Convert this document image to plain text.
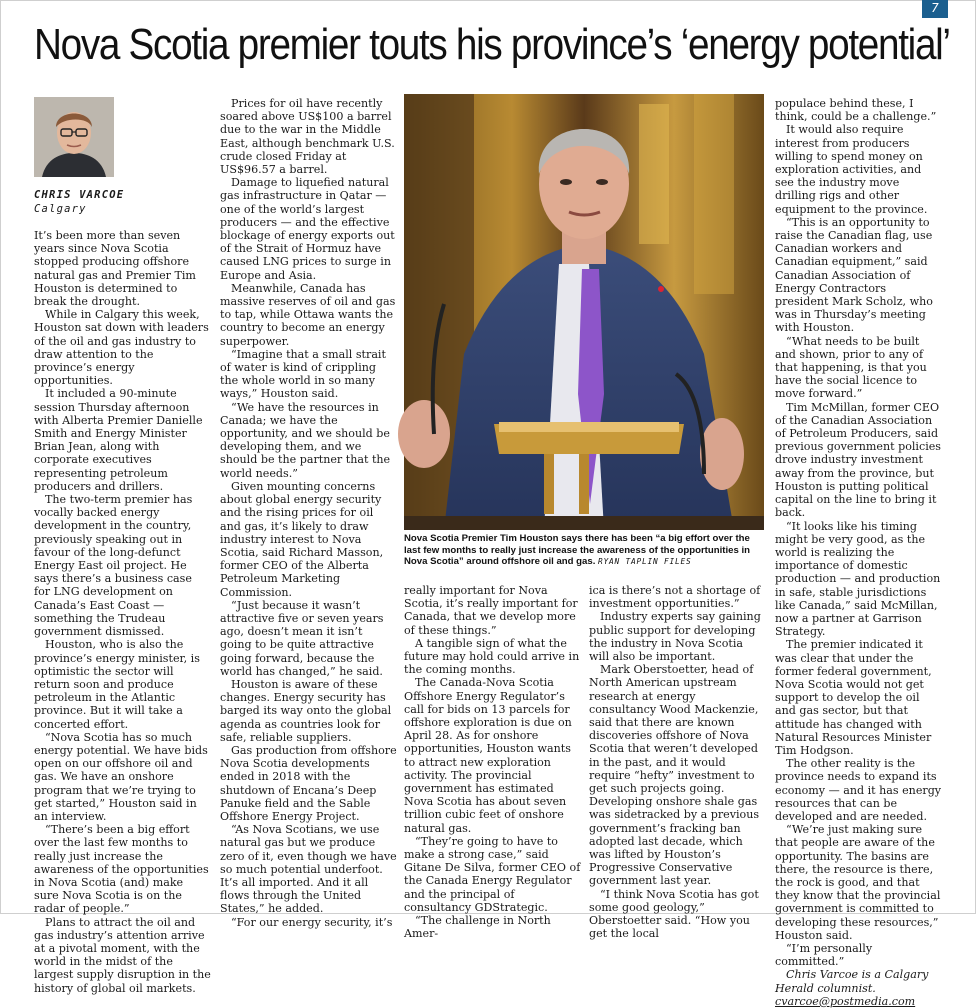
7
Nova Scotia premier touts his province’s ‘energy potential’
CHRIS VARCOE
Calgary

It’s been more than seven years since Nova Scotia stopped producing offshore natural gas and Premier Tim Houston is determined to break the drought.

While in Calgary this week, Houston sat down with leaders of the oil and gas industry to draw attention to the province’s energy opportunities.

It included a 90-minute session Thursday afternoon with Alberta Premier Danielle Smith and Energy Minister Brian Jean, along with corporate executives representing petroleum producers and drillers.

The two-term premier has vocally backed energy development in the country, previously speaking out in favour of the long-defunct Energy East oil project. He says there’s a business case for LNG development on Canada’s East Coast — something the Trudeau government dismissed.

Houston, who is also the province’s energy minister, is optimistic the sector will return soon and produce petroleum in the Atlantic province. But it will take a concerted effort.

“Nova Scotia has so much energy potential. We have bids open on our offshore oil and gas. We have an onshore program that we’re trying to get started,” Houston said in an interview.

“There’s been a big effort over the last few months to really just increase the awareness of the opportunities in Nova Scotia (and) make sure Nova Scotia is on the radar of people.”

Plans to attract the oil and gas industry’s attention arrive at a pivotal moment, with the world in the midst of the largest supply disruption in the history of global oil markets.

Prices for oil have recently soared above US$100 a barrel due to the war in the Middle East, although benchmark U.S. crude closed Friday at US$96.57 a barrel.

Damage to liquefied natural gas infrastructure in Qatar — one of the world’s largest producers — and the effective blockage of energy exports out of the Strait of Hormuz have caused LNG prices to surge in Europe and Asia.

Meanwhile, Canada has massive reserves of oil and gas to tap, while Ottawa wants the country to become an energy superpower.

“Imagine that a small strait of water is kind of crippling the whole world in so many ways,” Houston said.

“We have the resources in Canada; we have the opportunity, and we should be developing them, and we should be the partner that the world needs.”

Given mounting concerns about global energy security and the rising prices for oil and gas, it’s likely to draw industry interest to Nova Scotia, said Richard Masson, former CEO of the Alberta Petroleum Marketing Commission.

“Just because it wasn’t attractive five or seven years ago, doesn’t mean it isn’t going to be quite attractive going forward, because the world has changed,” he said.

Houston is aware of these changes. Energy security has barged its way onto the global agenda as countries look for safe, reliable suppliers.

Gas production from offshore Nova Scotia developments ended in 2018 with the shutdown of Encana’s Deep Panuke field and the Sable Offshore Energy Project.

“As Nova Scotians, we use natural gas but we produce zero of it, even though we have so much potential underfoot. It’s all imported. And it all flows through the United States,” he added.

“For our energy security, it’s

Nova Scotia Premier Tim Houston says there has been “a big effort over the last few months to really just increase the awareness of the opportunities in Nova Scotia” around offshore oil and gas. RYAN TAPLIN FILES

really important for Nova Scotia, it’s really important for Canada, that we develop more of these things.”

A tangible sign of what the future may hold could arrive in the coming months.

The Canada-Nova Scotia Offshore Energy Regulator’s call for bids on 13 parcels for offshore exploration is due on April 28. As for onshore opportunities, Houston wants to attract new exploration activity. The provincial government has estimated Nova Scotia has about seven trillion cubic feet of onshore natural gas.

“They’re going to have to make a strong case,” said Gitane De Silva, former CEO of the Canada Energy Regulator and the principal of consultancy GDStrategic.

“The challenge in North Amer-

ica is there’s not a shortage of investment opportunities.”

Industry experts say gaining public support for developing the industry in Nova Scotia will also be important.

Mark Oberstoetter, head of North American upstream research at energy consultancy Wood Mackenzie, said that there are known discoveries offshore of Nova Scotia that weren’t developed in the past, and it would require “hefty” investment to get such projects going. Developing onshore shale gas was sidetracked by a previous government’s fracking ban adopted last decade, which was lifted by Houston’s Progressive Conservative government last year.

“I think Nova Scotia has got some good geology,” Oberstoetter said. “How you get the local

populace behind these, I think, could be a challenge.”

It would also require interest from producers willing to spend money on exploration activities, and see the industry move drilling rigs and other equipment to the province.

“This is an opportunity to raise the Canadian flag, use Canadian workers and Canadian equipment,” said Canadian Association of Energy Contractors president Mark Scholz, who was in Thursday’s meeting with Houston.

“What needs to be built and shown, prior to any of that happening, is that you have the social licence to move forward.”

Tim McMillan, former CEO of the Canadian Association of Petroleum Producers, said previous government policies drove industry investment away from the province, but Houston is putting political capital on the line to bring it back.

“It looks like his timing might be very good, as the world is realizing the importance of domestic production — and production in safe, stable jurisdictions like Canada,” said McMillan, now a partner at Garrison Strategy.

The premier indicated it was clear that under the former federal government, Nova Scotia would not get support to develop the oil and gas sector, but that attitude has changed with Natural Resources Minister Tim Hodgson.

The other reality is the province needs to expand its economy — and it has energy resources that can be developed and are needed.

“We’re just making sure that people are aware of the opportunity. The basins are there, the resource is there, the rock is good, and that they know that the provincial government is committed to developing these resources,” Houston said.

“I’m personally committed.”

Chris Varcoe is a Calgary Herald columnist.

cvarcoe@postmedia.com
